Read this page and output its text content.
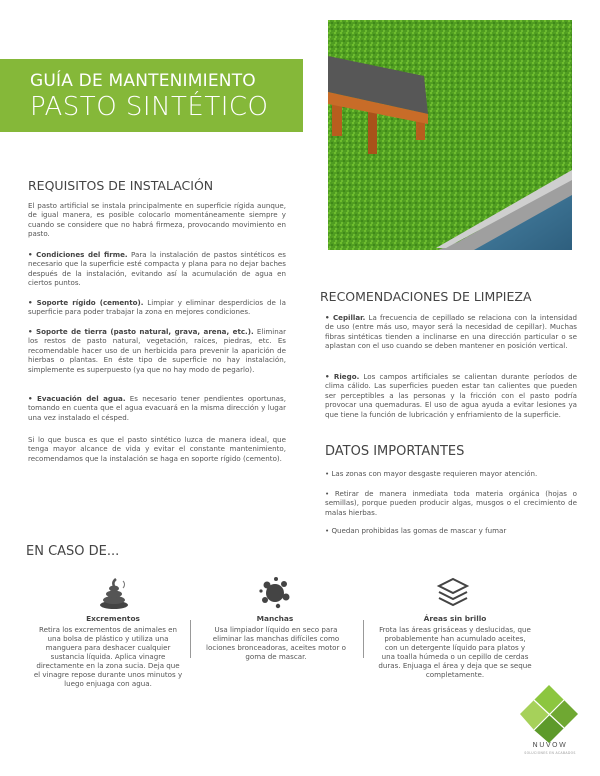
GUÍA DE MANTENIMIENTO
PASTO SINTÉTICO
REQUISITOS DE INSTALACIÓN

El pasto artificial se instala principalmente en superficie rígida aunque, de igual manera, es posible colocarlo momentáneamente siempre y cuando se considere que no habrá firmeza, provocando movimiento en pasto.

• Condiciones del firme. Para la instalación de pastos sintéticos es necesario que la superficie esté compacta y plana para no dejar baches después de la instalación, evitando así la acumulación de agua en ciertos puntos.

• Soporte rígido (cemento). Limpiar y eliminar desperdicios de la superficie para poder trabajar la zona en mejores condiciones.

• Soporte de tierra (pasto natural, grava, arena, etc.). Eliminar los restos de pasto natural, vegetación, raíces, piedras, etc. Es recomendable hacer uso de un herbicida para prevenir la aparición de hierbas o plantas. En éste tipo de superficie no hay instalación, simplemente es superpuesto (ya que no hay modo de pegarlo).

• Evacuación del agua. Es necesario tener pendientes oportunas, tomando en cuenta que el agua evacuará en la misma dirección y lugar una vez instalado el césped.

Si lo que busca es que el pasto sintético luzca de manera ideal, que tenga mayor alcance de vida y evitar el constante mantenimiento, recomendamos que la instalación se haga en soporte rígido (cemento).

RECOMENDACIONES DE LIMPIEZA

• Cepillar. La frecuencia de cepillado se relaciona con la intensidad de uso (entre más uso, mayor será la necesidad de cepillar). Muchas fibras sintéticas tienden a inclinarse en una dirección particular o se aplastan con el uso cuando se deben mantener en posición vertical.

• Riego. Los campos artificiales se calientan durante períodos de clima cálido. Las superficies pueden estar tan calientes que pueden ser perceptibles a las personas y la fricción con el pasto podría provocar una quemaduras. El uso de agua ayuda a evitar lesiones ya que tiene la función de lubricación y enfriamiento de la superficie.

DATOS IMPORTANTES

• Las zonas con mayor desgaste requieren mayor atención.

• Retirar de manera inmediata toda materia orgánica (hojas o semillas), porque pueden producir algas, musgos o el crecimiento de malas hierbas.

• Quedan prohibidas las gomas de mascar y fumar

EN CASO DE...
Excrementos

Retira los excrementos de animales en una bolsa de plástico y utiliza una manguera para deshacer cualquier sustancia líquida. Aplica vinagre directamente en la zona sucia. Deja que el vinagre repose durante unos minutos y luego enjuaga con agua.

Manchas

Usa limpiador líquido en seco para eliminar las manchas difíciles como lociones bronceadoras, aceites motor o goma de mascar.

Áreas sin brillo

Frota las áreas grisáceas y deslucidas, que probablemente han acumulado aceites, con un detergente líquido para platos y una toalla húmeda o un cepillo de cerdas duras. Enjuaga el área y deja que se seque completamente.

NUVOW
SOLUCIONES EN ACABADOS
